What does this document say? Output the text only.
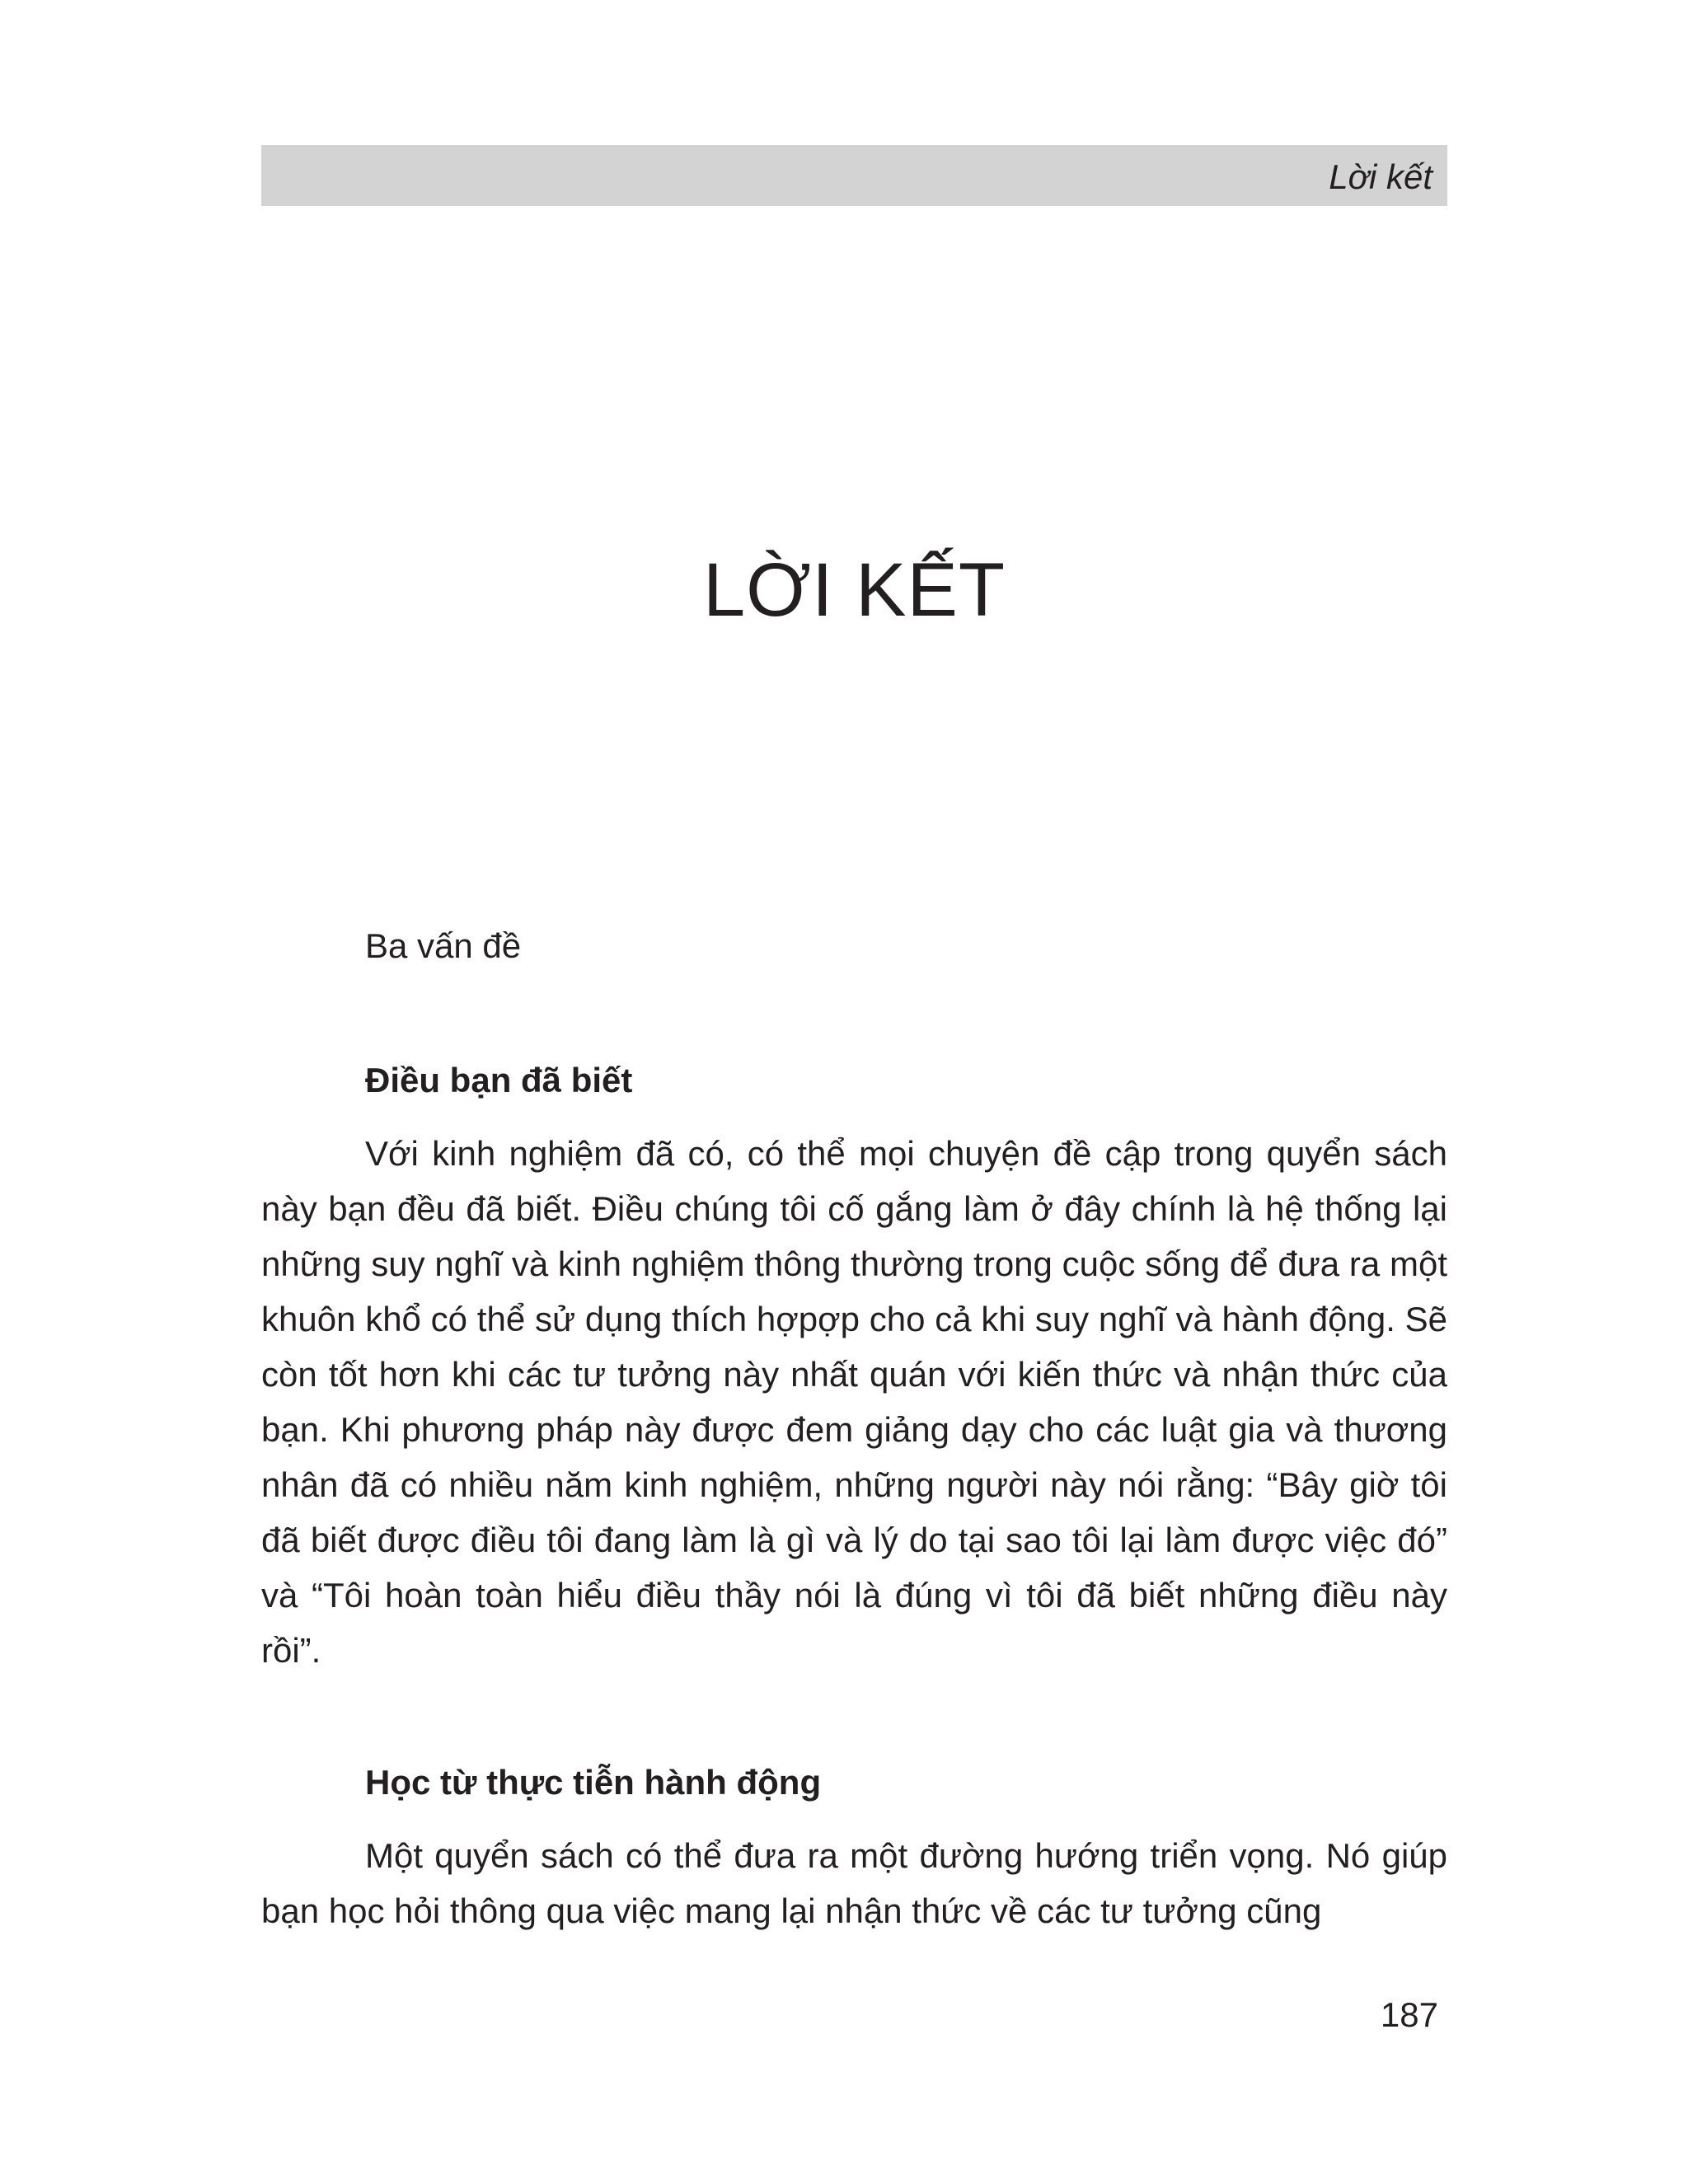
Lời kết
LỜI KẾT

Ba vấn đề

Điều bạn đã biết

Với kinh nghiệm đã có, có thể mọi chuyện đề cập trong quyển sách này bạn đều đã biết. Điều chúng tôi cố gắng làm ở đây chính là hệ thống lại những suy nghĩ và kinh nghiệm thông thường trong cuộc sống để đưa ra một khuôn khổ có thể sử dụng thích hợpợp cho cả khi suy nghĩ và hành động. Sẽ còn tốt hơn khi các tư tưởng này nhất quán với kiến thức và nhận thức của bạn. Khi phương pháp này được đem giảng dạy cho các luật gia và thương nhân đã có nhiều năm kinh nghiệm, những người này nói rằng: “Bây giờ tôi đã biết được điều tôi đang làm là gì và lý do tại sao tôi lại làm được việc đó” và “Tôi hoàn toàn hiểu điều thầy nói là đúng vì tôi đã biết những điều này rồi”.

Học từ thực tiễn hành động

Một quyển sách có thể đưa ra một đường hướng triển vọng. Nó giúp bạn học hỏi thông qua việc mang lại nhận thức về các tư tưởng cũng

187
